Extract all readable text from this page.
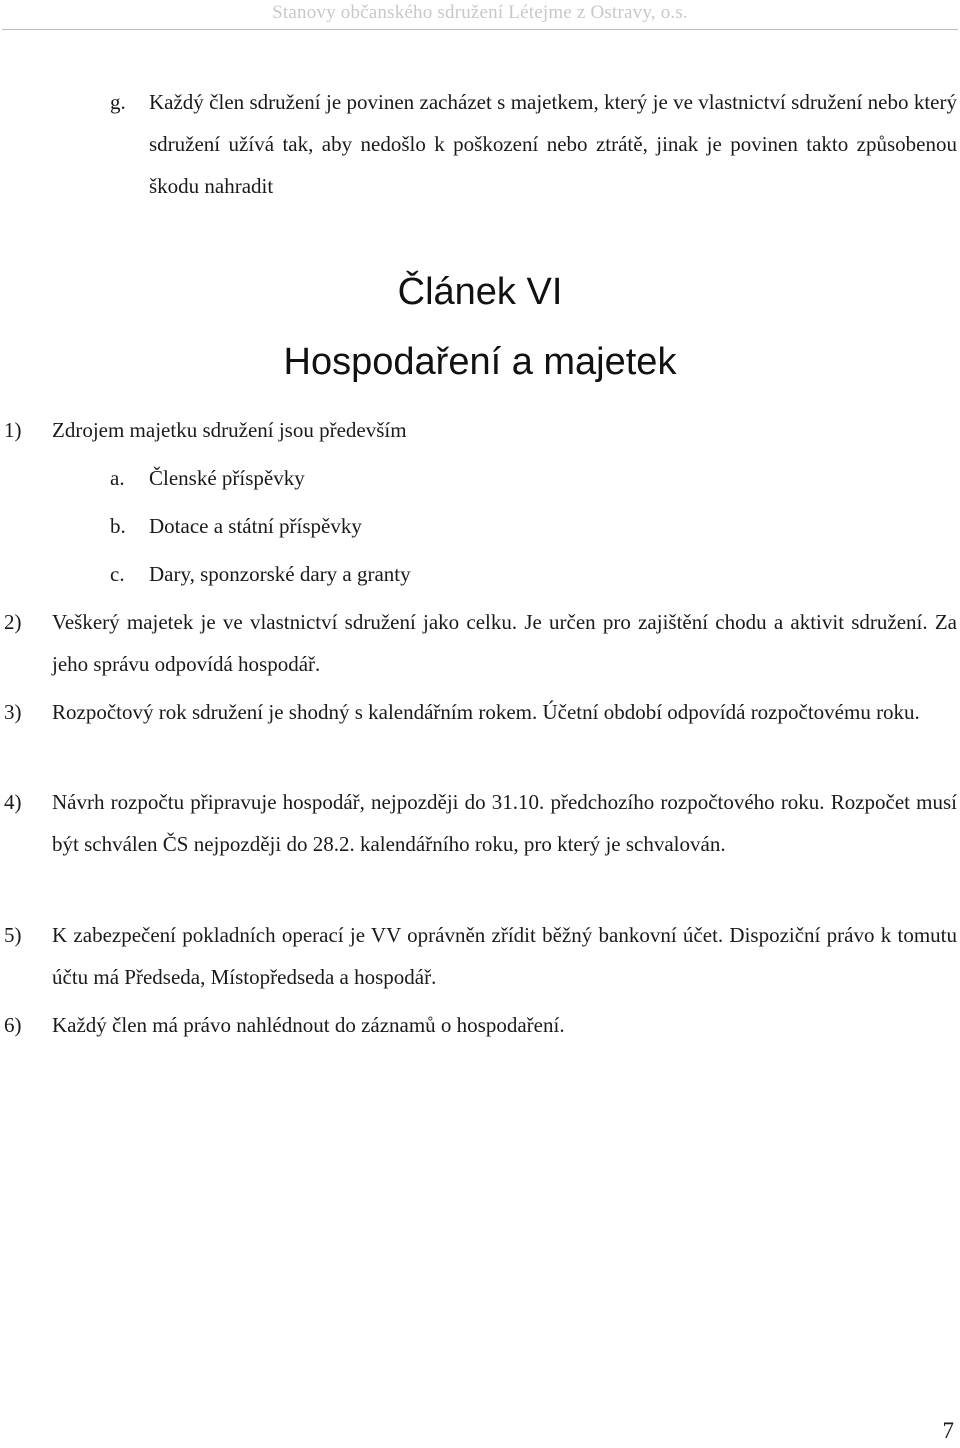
Stanovy občanského sdružení Létejme z Ostravy, o.s.
g. Každý člen sdružení je povinen zacházet s majetkem, který je ve vlastnictví sdružení nebo který sdružení užívá tak, aby nedošlo k poškození nebo ztrátě, jinak je povinen takto způsobenou škodu nahradit
Článek VI
Hospodaření a majetek
1) Zdrojem majetku sdružení jsou především
a. Členské příspěvky
b. Dotace a státní příspěvky
c. Dary, sponzorské dary a granty
2) Veškerý majetek je ve vlastnictví sdružení jako celku. Je určen pro zajištění chodu a aktivit sdružení. Za jeho správu odpovídá hospodář.
3) Rozpočtový rok sdružení je shodný s kalendářním rokem. Účetní období odpovídá rozpočtovému roku.
4) Návrh rozpočtu připravuje hospodář, nejpozději do 31.10. předchozího rozpočtového roku. Rozpočet musí být schválen ČS nejpozději do 28.2. kalendářního roku, pro který je schvalován.
5) K zabezpečení pokladních operací je VV oprávněn zřídit běžný bankovní účet. Dispoziční právo k tomutu účtu má Předseda, Místopředseda a hospodář.
6) Každý člen má právo nahlédnout do záznamů o hospodaření.
7
